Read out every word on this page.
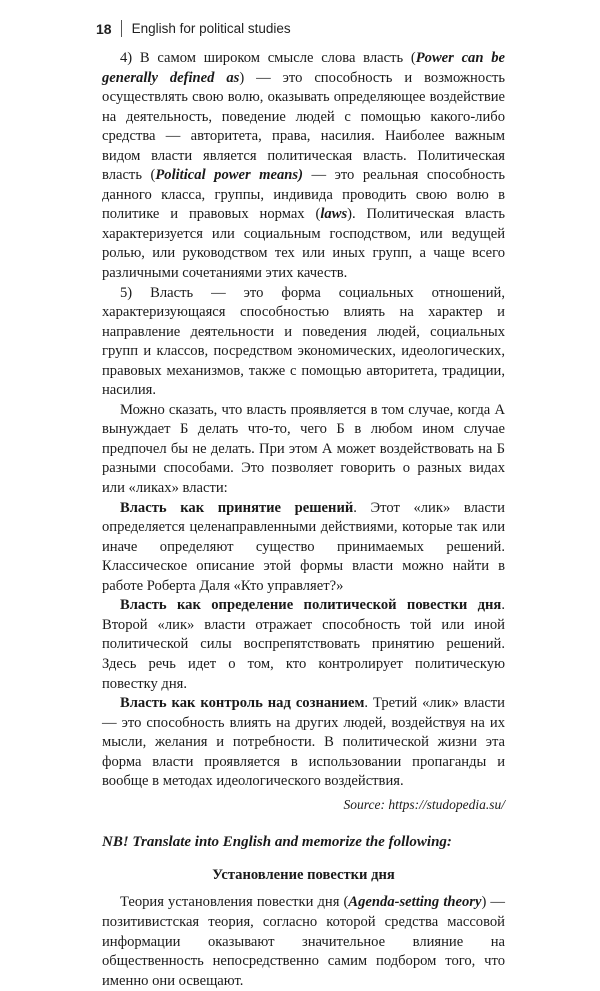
18 English for political studies

4) В самом широком смысле слова власть (Power can be generally defined as) — это способность и возможность осуществлять свою волю, оказывать определяющее воздействие на деятельность, поведение людей с помощью какого-либо средства — авторитета, права, насилия. Наиболее важным видом власти является политическая власть. Политическая власть (Political power means) — это реальная способность данного класса, группы, индивида проводить свою волю в политике и правовых нормах (laws). Политическая власть характеризуется или социальным господством, или ведущей ролью, или руководством тех или иных групп, а чаще всего различными сочетаниями этих качеств.

5) Власть — это форма социальных отношений, характеризующаяся способностью влиять на характер и направление деятельности и поведения людей, социальных групп и классов, посредством экономических, идеологических, правовых механизмов, также с помощью авторитета, традиции, насилия.

Можно сказать, что власть проявляется в том случае, когда А вынуждает Б делать что-то, чего Б в любом ином случае предпочел бы не делать. При этом А может воздействовать на Б разными способами. Это позволяет говорить о разных видах или «ликах» власти:

Власть как принятие решений. Этот «лик» власти определяется целенаправленными действиями, которые так или иначе определяют существо принимаемых решений. Классическое описание этой формы власти можно найти в работе Роберта Даля «Кто управляет?»

Власть как определение политической повестки дня. Второй «лик» власти отражает способность той или иной политической силы воспрепятствовать принятию решений. Здесь речь идет о том, кто контролирует политическую повестку дня.

Власть как контроль над сознанием. Третий «лик» власти — это способность влиять на других людей, воздействуя на их мысли, желания и потребности. В политической жизни эта форма власти проявляется в использовании пропаганды и вообще в методах идеологического воздействия.

Source: https://studopedia.su/

NB! Translate into English and memorize the following:

Установление повестки дня

Теория установления повестки дня (Agenda-setting theory) — позитивистская теория, согласно которой средства массовой информации оказывают значительное влияние на общественность непосредственно самим подбором того, что именно они освещают.
